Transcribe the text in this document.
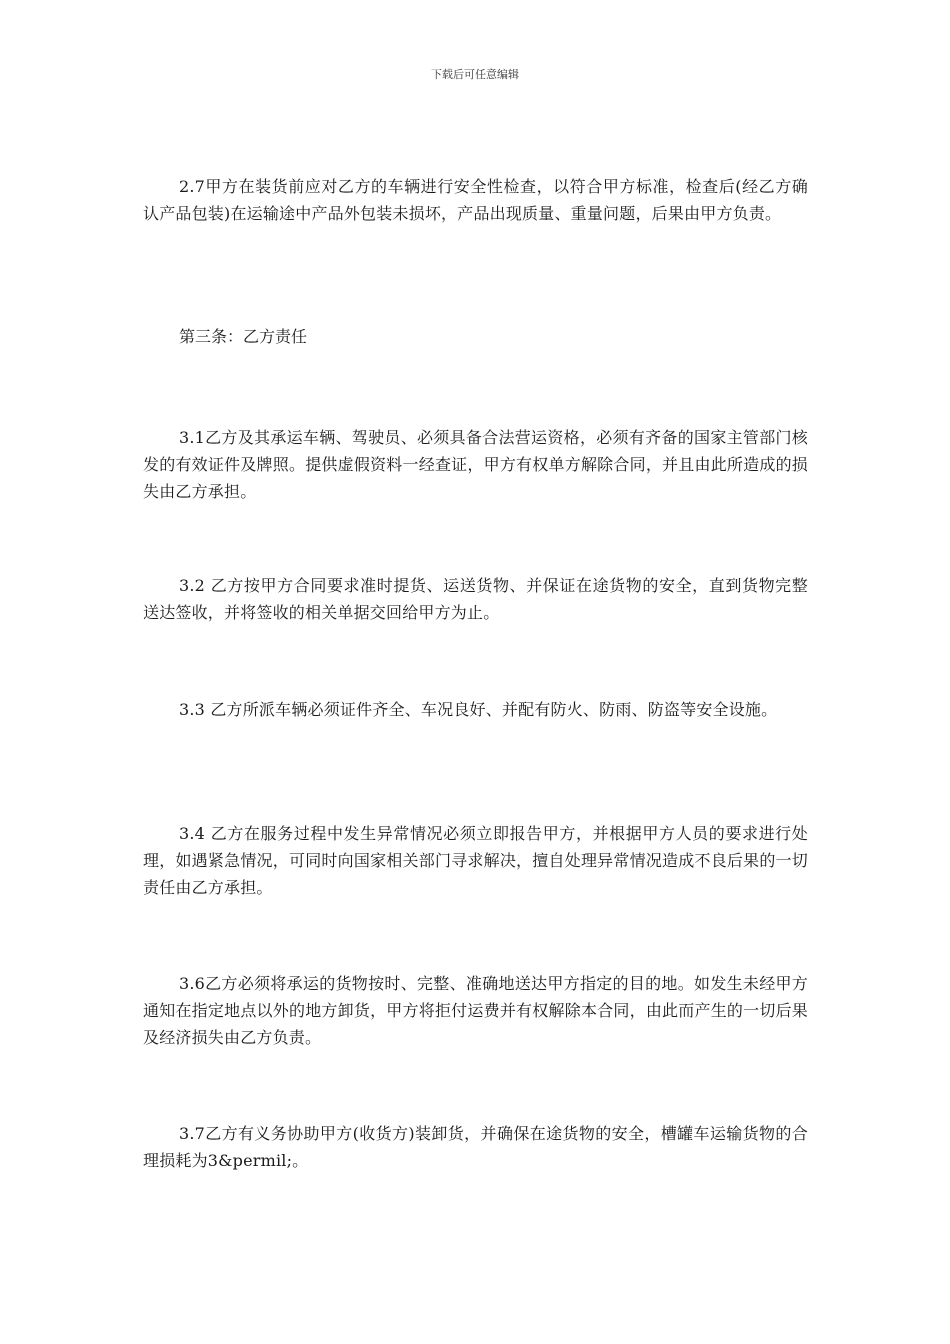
下载后可任意编辑

2.7甲方在装货前应对乙方的车辆进行安全性检查，以符合甲方标准，检查后(经乙方确认产品包装)在运输途中产品外包装未损坏，产品出现质量、重量问题，后果由甲方负责。

第三条：乙方责任

3.1乙方及其承运车辆、驾驶员、必须具备合法营运资格，必须有齐备的国家主管部门核发的有效证件及牌照。提供虚假资料一经查证，甲方有权单方解除合同，并且由此所造成的损失由乙方承担。

3.2 乙方按甲方合同要求准时提货、运送货物、并保证在途货物的安全，直到货物完整送达签收，并将签收的相关单据交回给甲方为止。

3.3 乙方所派车辆必须证件齐全、车况良好、并配有防火、防雨、防盗等安全设施。

3.4 乙方在服务过程中发生异常情况必须立即报告甲方，并根据甲方人员的要求进行处理，如遇紧急情况，可同时向国家相关部门寻求解决，擅自处理异常情况造成不良后果的一切责任由乙方承担。

3.6乙方必须将承运的货物按时、完整、准确地送达甲方指定的目的地。如发生未经甲方通知在指定地点以外的地方卸货，甲方将拒付运费并有权解除本合同，由此而产生的一切后果及经济损失由乙方负责。

3.7乙方有义务协助甲方(收货方)装卸货，并确保在途货物的安全，槽罐车运输货物的合理损耗为3&permil;。
